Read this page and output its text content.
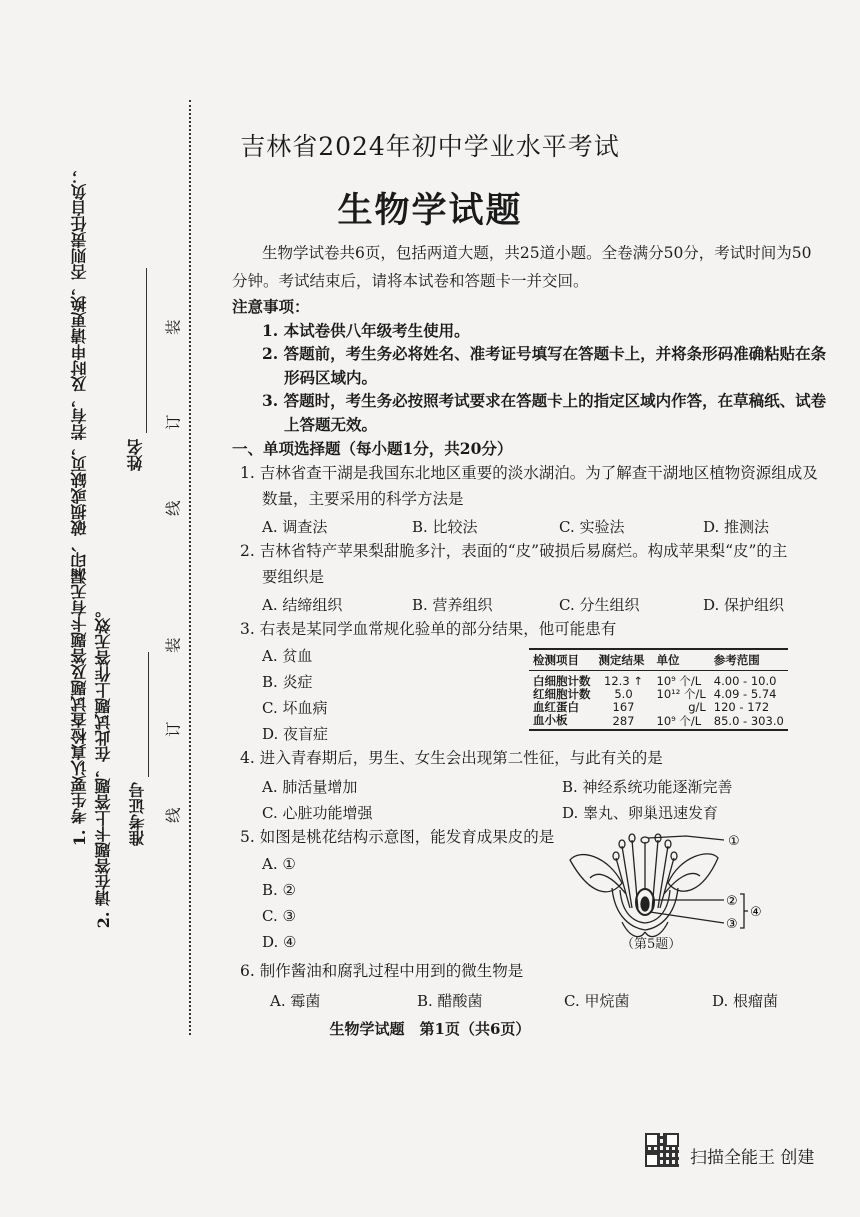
1. 考生要认真检查试题及答题卡有无漏印、破损或缺页，若有，及时申请更换，否则责任自负； 2. 请在答题卡上答题，在此试题上作答无效。
姓名
准考证号
装
订
线
装
订
线
吉林省2024年初中学业水平考试
生物学试题
生物学试卷共6页，包括两道大题，共25道小题。全卷满分50分，考试时间为50
分钟。考试结束后，请将本试卷和答题卡一并交回。
注意事项：
1. 本试卷供八年级考生使用。
2. 答题前，考生务必将姓名、准考证号填写在答题卡上，并将条形码准确粘贴在条
形码区域内。
3. 答题时，考生务必按照考试要求在答题卡上的指定区域内作答，在草稿纸、试卷
上答题无效。
一、单项选择题（每小题1分，共20分）
1. 吉林省查干湖是我国东北地区重要的淡水湖泊。为了解查干湖地区植物资源组成及
数量，主要采用的科学方法是
A. 调查法	B. 比较法	C. 实验法	D. 推测法
2. 吉林省特产苹果梨甜脆多汁，表面的“皮”破损后易腐烂。构成苹果梨“皮”的主
要组织是
A. 结缔组织	B. 营养组织	C. 分生组织	D. 保护组织
3. 右表是某同学血常规化验单的部分结果，他可能患有
A. 贫血
B. 炎症
C. 坏血病
D. 夜盲症
检测项目	测定结果	单位	参考范围

白细胞计数	12.3 ↑	10⁹ 个/L	4.00 - 10.0
红细胞计数	5.0	10¹² 个/L	4.09 - 5.74
血红蛋白	167	g/L	120 - 172
血小板	287	10⁹ 个/L	85.0 - 303.0
4. 进入青春期后，男生、女生会出现第二性征，与此有关的是
A. 肺活量增加	B. 神经系统功能逐渐完善
C. 心脏功能增强	D. 睾丸、卵巢迅速发育
5. 如图是桃花结构示意图，能发育成果皮的是
A. ①
B. ②
C. ③
D. ④
①
②
③
④
（第5题）
6. 制作酱油和腐乳过程中用到的微生物是
A. 霉菌	B. 醋酸菌	C. 甲烷菌	D. 根瘤菌
生物学试题　第1页（共6页）
扫描全能王 创建
